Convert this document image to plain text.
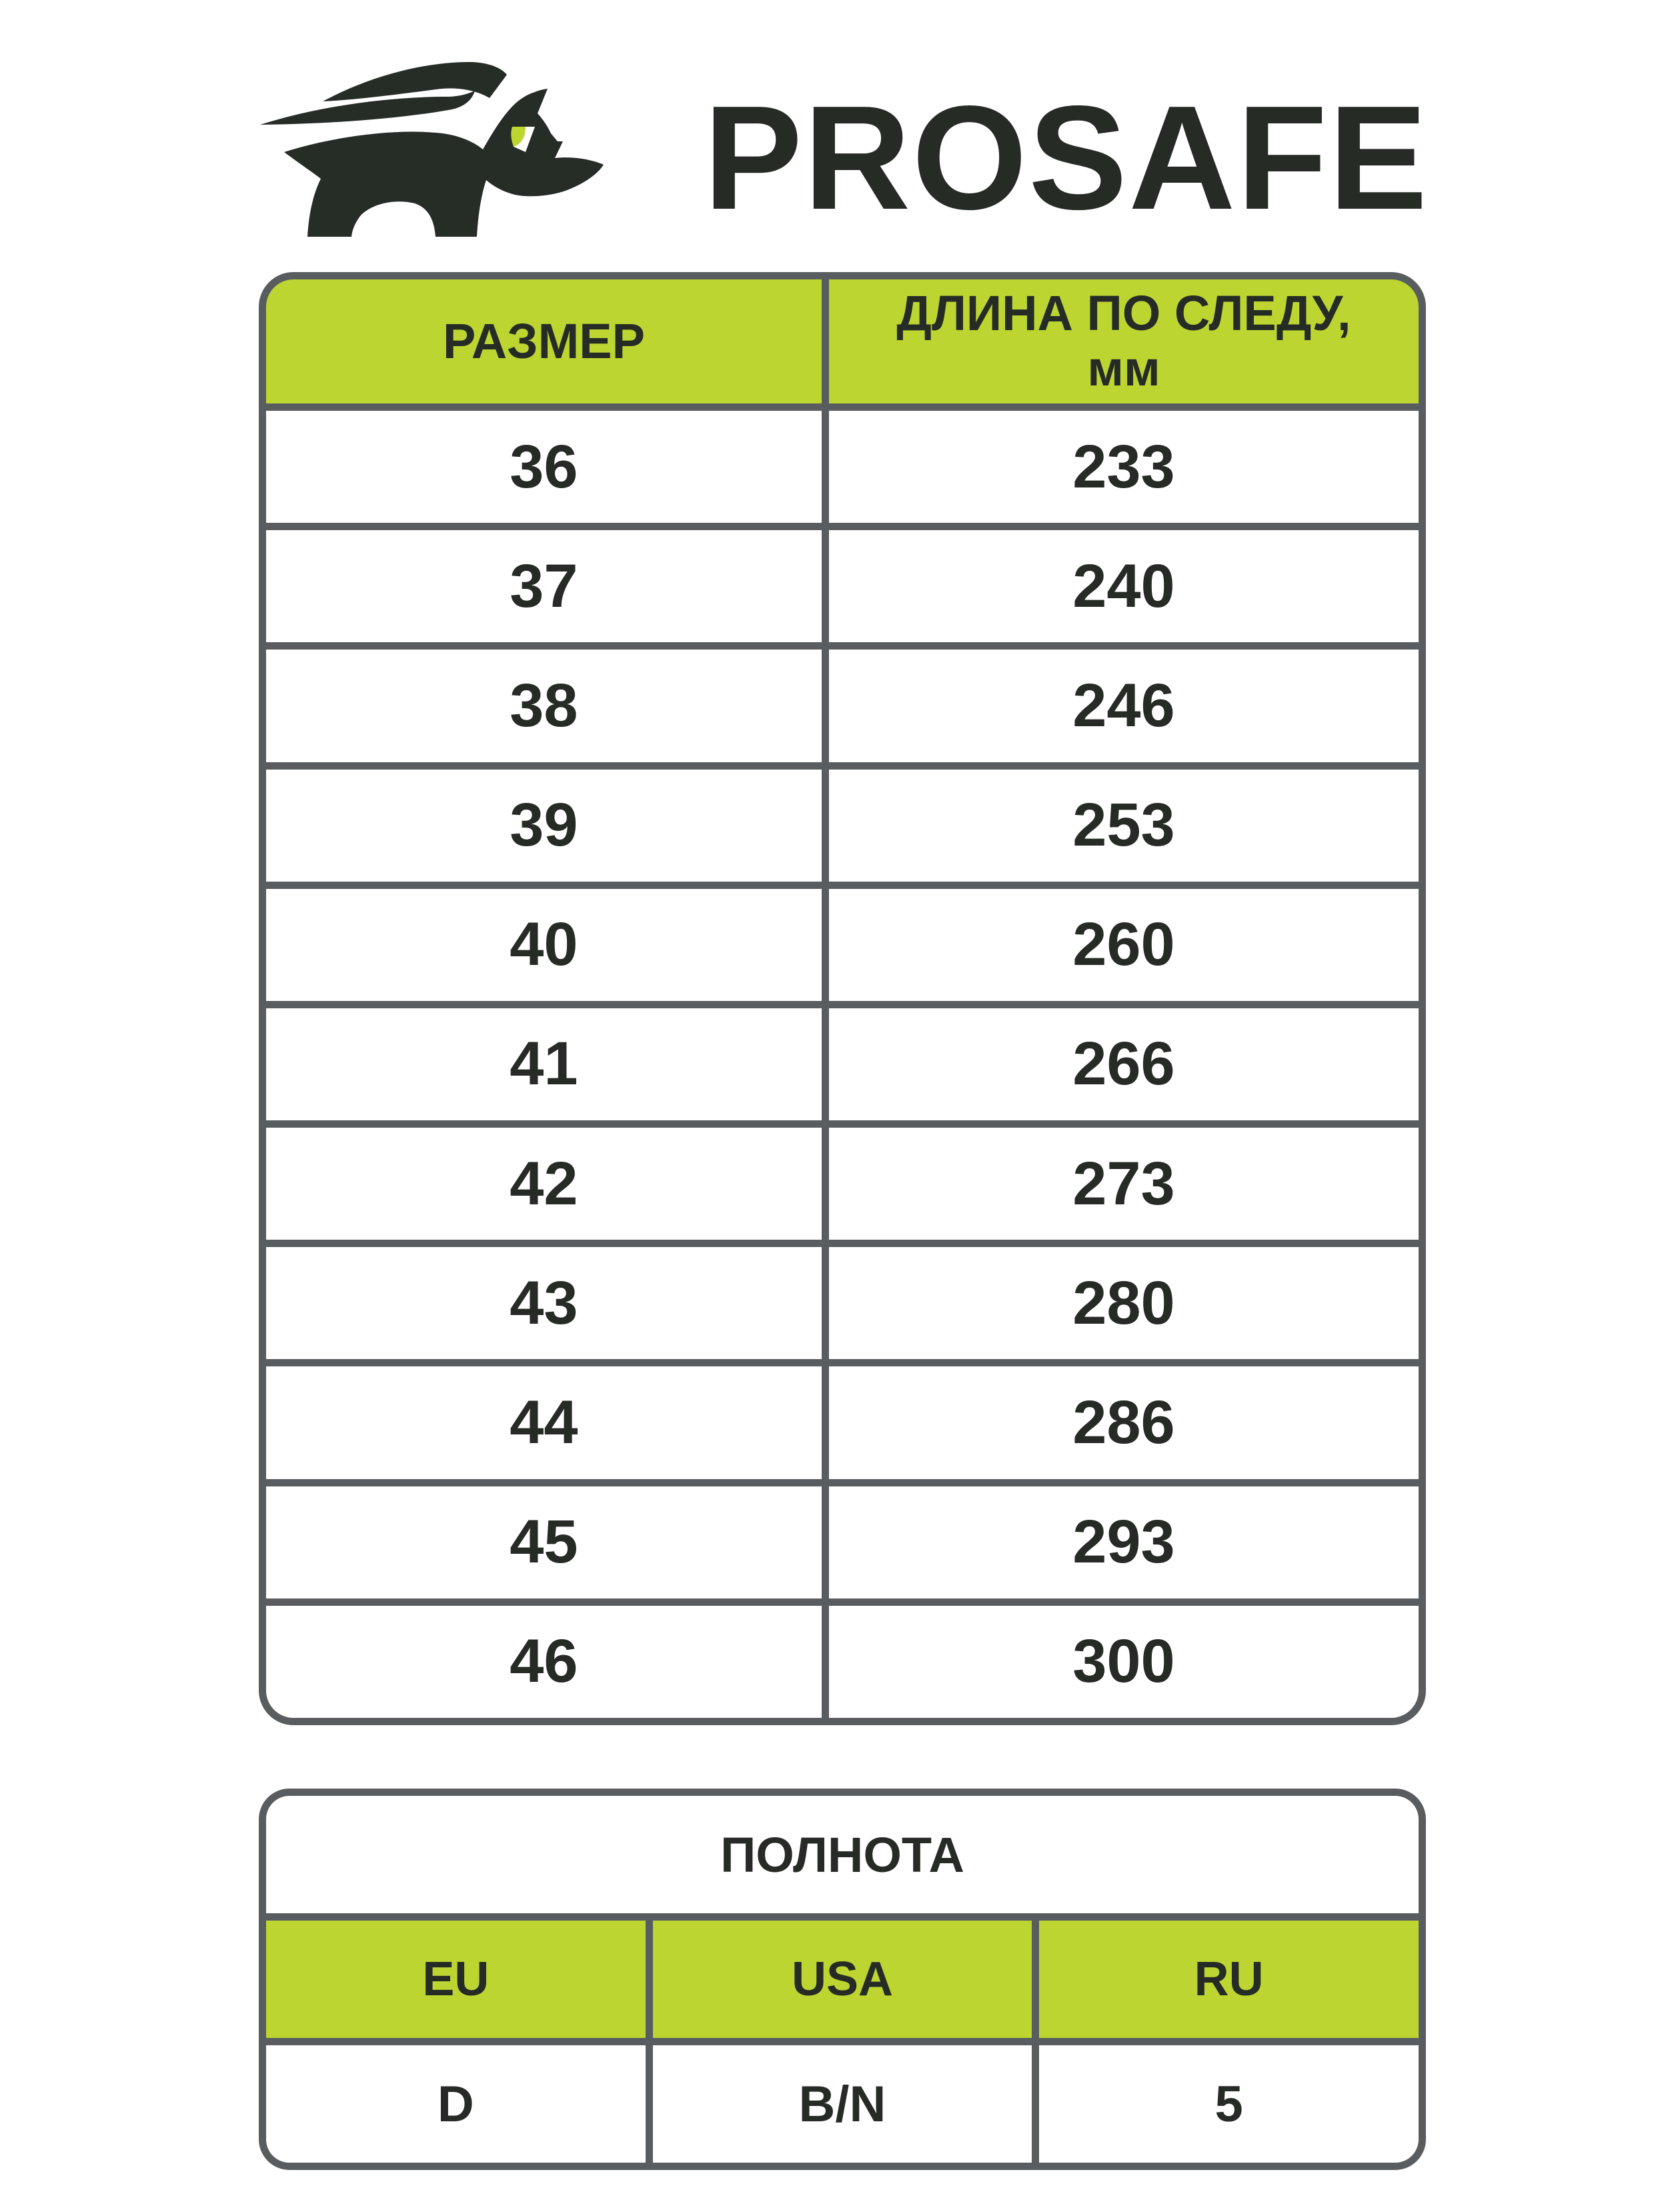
PROSAFE
РАЗМЕР	ДЛИНА ПО СЛЕДУ,
мм
36	233
37	240
38	246
39	253
40	260
41	266
42	273
43	280
44	286
45	293
46	300
ПОЛНОТА
EU	USA	RU
D	B/N	5
